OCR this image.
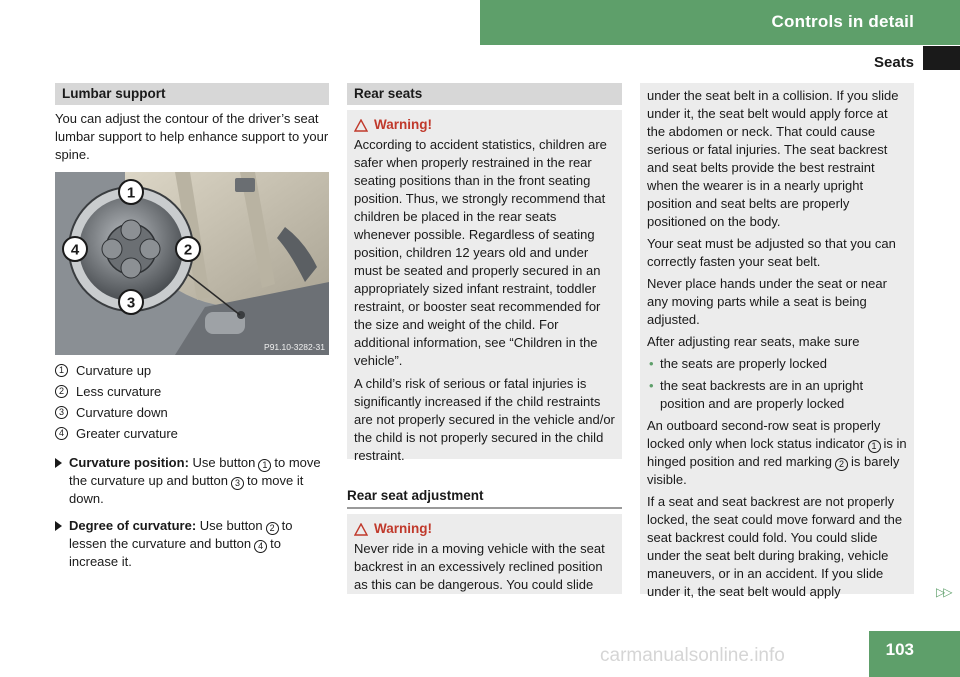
Controls in detail
Seats
Lumbar support

You can adjust the contour of the driver’s seat lumbar support to help enhance support to your spine.

1
2
3
4
P91.10-3282-31
1 Curvature up
2 Less curvature
3 Curvature down
4 Greater curvature
Curvature position: Use button 1 to move the curvature up and button 3 to move it down.
Degree of curvature: Use button 2 to lessen the curvature and button 4 to increase it.
Rear seats
Warning!

According to accident statistics, children are safer when properly restrained in the rear seating positions than in the front seating position. Thus, we strongly recommend that children be placed in the rear seats whenever possible. Regardless of seating position, children 12 years old and under must be seated and properly secured in an appropriately sized infant restraint, toddler restraint, or booster seat recommended for the size and weight of the child. For additional information, see “Children in the vehicle”.

A child’s risk of serious or fatal injuries is significantly increased if the child restraints are not properly secured in the vehicle and/or the child is not properly secured in the child restraint.

Rear seat adjustment
Warning!

Never ride in a moving vehicle with the seat backrest in an excessively reclined position as this can be dangerous. You could slide

under the seat belt in a collision. If you slide under it, the seat belt would apply force at the abdomen or neck. That could cause serious or fatal injuries. The seat backrest and seat belts provide the best restraint when the wearer is in a nearly upright position and seat belts are properly positioned on the body.

Your seat must be adjusted so that you can correctly fasten your seat belt.

Never place hands under the seat or near any moving parts while a seat is being adjusted.

After adjusting rear seats, make sure

• the seats are properly locked
• the seat backrests are in an upright position and are properly locked

An outboard second-row seat is properly locked only when lock status indicator 1 is in hinged position and red marking 2 is barely visible.

If a seat and seat backrest are not properly locked, the seat could move forward and the seat backrest could fold. You could slide under the seat belt during braking, vehicle maneuvers, or in an accident. If you slide under it, the seat belt would apply	▷▷
103
carmanualsonline.info
